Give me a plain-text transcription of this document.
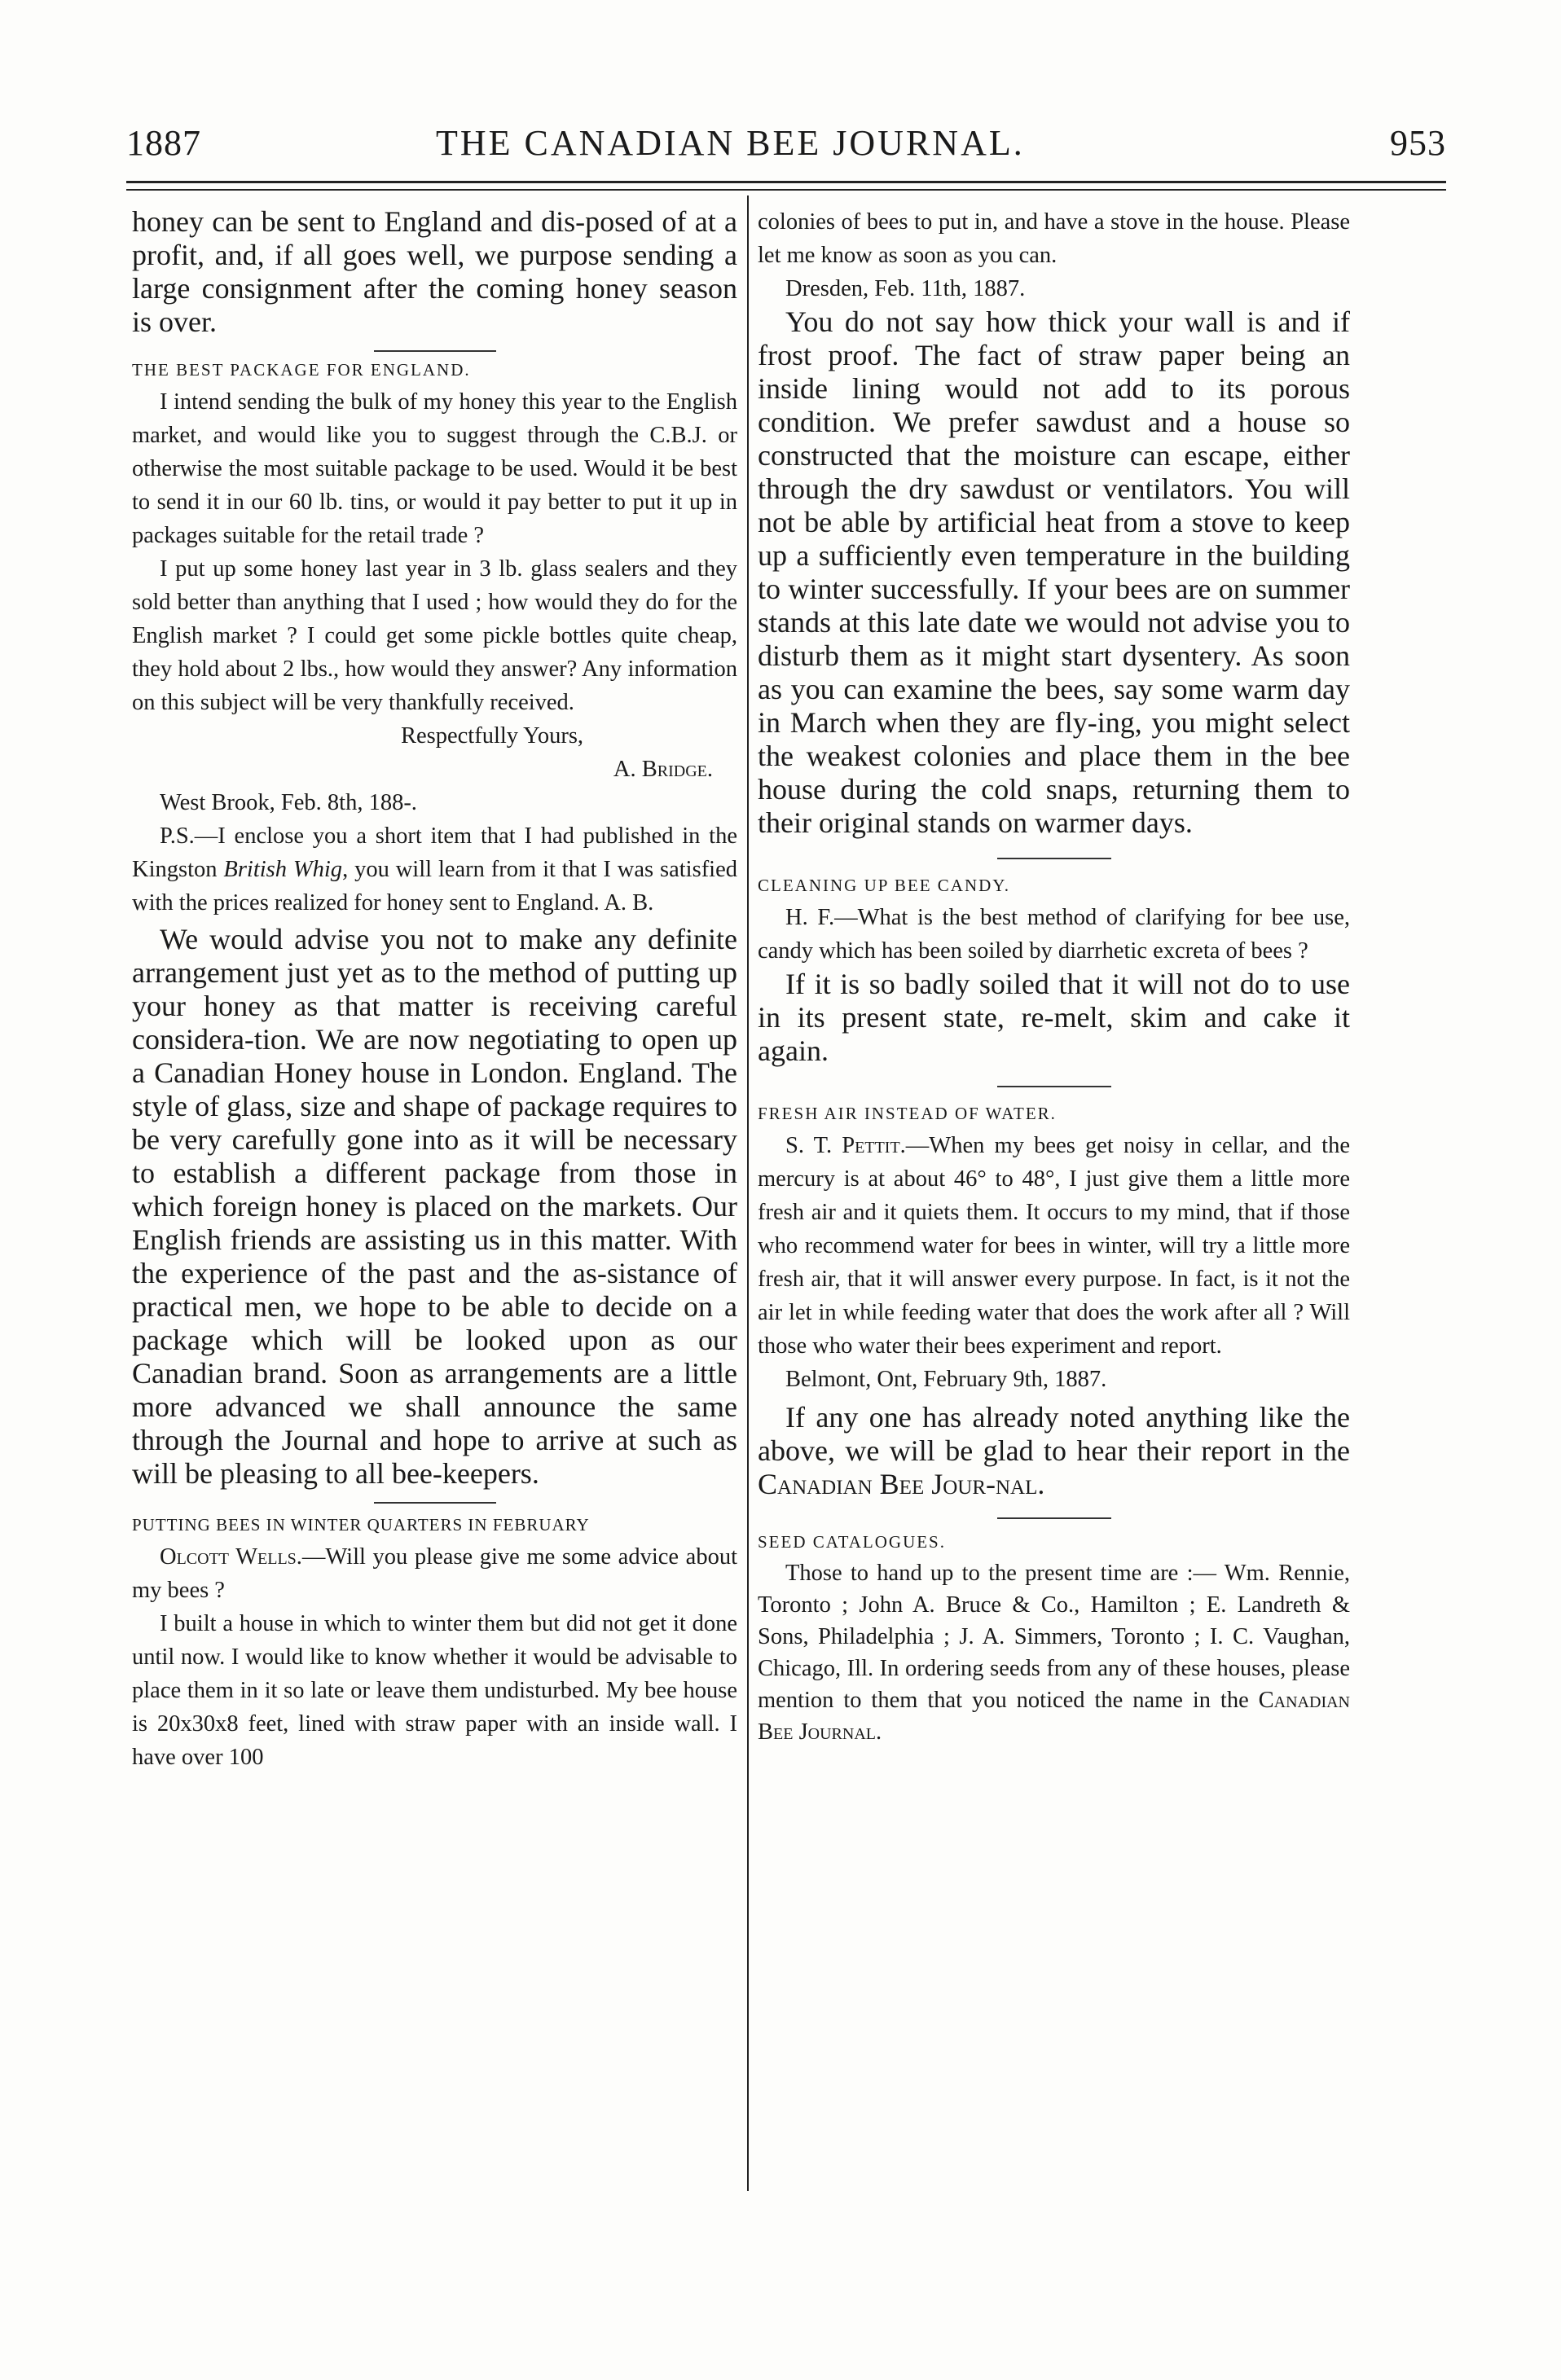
1887	THE CANADIAN BEE JOURNAL.	953

honey can be sent to England and dis-posed of at a profit, and, if all goes well, we purpose sending a large consignment after the coming honey season is over.

THE BEST PACKAGE FOR ENGLAND.

I intend sending the bulk of my honey this year to the English market, and would like you to suggest through the C.B.J. or otherwise the most suitable package to be used. Would it be best to send it in our 60 lb. tins, or would it pay better to put it up in packages suitable for the retail trade ?

I put up some honey last year in 3 lb. glass sealers and they sold better than anything that I used ; how would they do for the English market ? I could get some pickle bottles quite cheap, they hold about 2 lbs., how would they answer? Any information on this subject will be very thankfully received.

Respectfully Yours,

A. Bridge.

West Brook, Feb. 8th, 188-.

P.S.—I enclose you a short item that I had published in the Kingston British Whig, you will learn from it that I was satisfied with the prices realized for honey sent to England. A. B.

We would advise you not to make any definite arrangement just yet as to the method of putting up your honey as that matter is receiving careful considera-tion. We are now negotiating to open up a Canadian Honey house in London. England. The style of glass, size and shape of package requires to be very carefully gone into as it will be necessary to establish a different package from those in which foreign honey is placed on the markets. Our English friends are assisting us in this matter. With the experience of the past and the as-sistance of practical men, we hope to be able to decide on a package which will be looked upon as our Canadian brand. Soon as arrangements are a little more advanced we shall announce the same through the Journal and hope to arrive at such as will be pleasing to all bee-keepers.

PUTTING BEES IN WINTER QUARTERS IN FEBRUARY

Olcott Wells.—Will you please give me some advice about my bees ?

I built a house in which to winter them but did not get it done until now. I would like to know whether it would be advisable to place them in it so late or leave them undisturbed. My bee house is 20x30x8 feet, lined with straw paper with an inside wall. I have over 100

colonies of bees to put in, and have a stove in the house. Please let me know as soon as you can.

Dresden, Feb. 11th, 1887.

You do not say how thick your wall is and if frost proof. The fact of straw paper being an inside lining would not add to its porous condition. We prefer sawdust and a house so constructed that the moisture can escape, either through the dry sawdust or ventilators. You will not be able by artificial heat from a stove to keep up a sufficiently even temperature in the building to winter successfully. If your bees are on summer stands at this late date we would not advise you to disturb them as it might start dysentery. As soon as you can examine the bees, say some warm day in March when they are fly-ing, you might select the weakest colonies and place them in the bee house during the cold snaps, returning them to their original stands on warmer days.

CLEANING UP BEE CANDY.

H. F.—What is the best method of clarifying for bee use, candy which has been soiled by diarrhetic excreta of bees ?

If it is so badly soiled that it will not do to use in its present state, re-melt, skim and cake it again.

FRESH AIR INSTEAD OF WATER.

S. T. Pettit.—When my bees get noisy in cellar, and the mercury is at about 46° to 48°, I just give them a little more fresh air and it quiets them. It occurs to my mind, that if those who recommend water for bees in winter, will try a little more fresh air, that it will answer every purpose. In fact, is it not the air let in while feeding water that does the work after all ? Will those who water their bees experiment and report.

Belmont, Ont, February 9th, 1887.

If any one has already noted anything like the above, we will be glad to hear their report in the Canadian Bee Jour-nal.

SEED CATALOGUES.

Those to hand up to the present time are :— Wm. Rennie, Toronto ; John A. Bruce & Co., Hamilton ; E. Landreth & Sons, Philadelphia ; J. A. Simmers, Toronto ; I. C. Vaughan, Chicago, Ill. In ordering seeds from any of these houses, please mention to them that you noticed the name in the Canadian Bee Journal.
